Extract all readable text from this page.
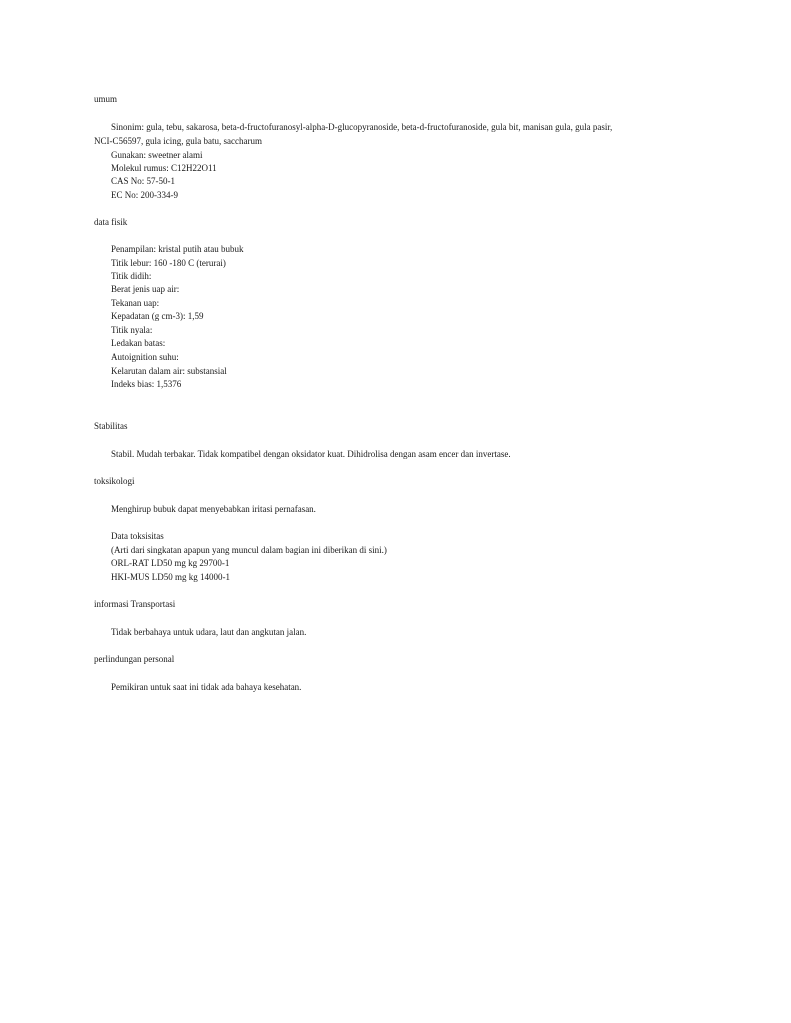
umum
Sinonim: gula, tebu, sakarosa, beta-d-fructofuranosyl-alpha-D-glucopyranoside, beta-d-fructofuranoside, gula bit, manisan gula, gula pasir,
NCI-C56597, gula icing, gula batu, saccharum
Gunakan: sweetner alami
Molekul rumus: C12H22O11
CAS No: 57-50-1
EC No: 200-334-9
data fisik
Penampilan: kristal putih atau bubuk
Titik lebur: 160 -180 C (terurai)
Titik didih:
Berat jenis uap air:
Tekanan uap:
Kepadatan (g cm-3): 1,59
Titik nyala:
Ledakan batas:
Autoignition suhu:
Kelarutan dalam air: substansial
Indeks bias: 1,5376
Stabilitas
Stabil. Mudah terbakar. Tidak kompatibel dengan oksidator kuat. Dihidrolisa dengan asam encer dan invertase.
toksikologi
Menghirup bubuk dapat menyebabkan iritasi pernafasan.
Data toksisitas
(Arti dari singkatan apapun yang muncul dalam bagian ini diberikan di sini.)
ORL-RAT LD50 mg kg 29700-1
HKI-MUS LD50 mg kg 14000-1
informasi Transportasi
Tidak berbahaya untuk udara, laut dan angkutan jalan.
perlindungan personal
Pemikiran untuk saat ini tidak ada bahaya kesehatan.
